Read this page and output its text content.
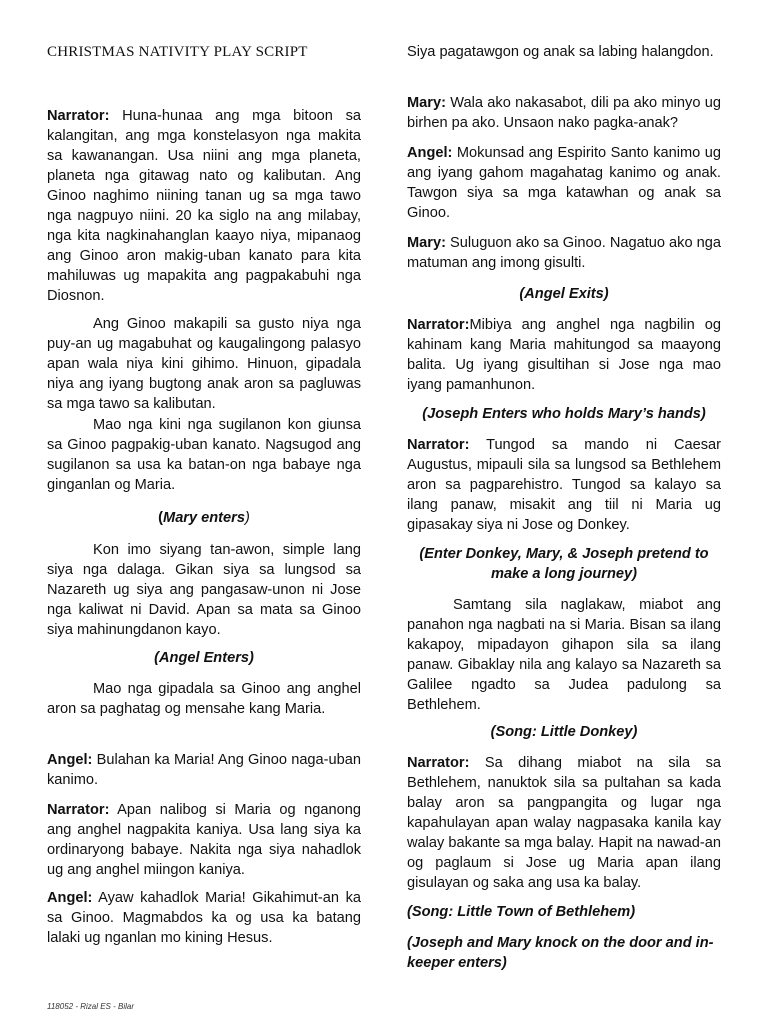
CHRISTMAS NATIVITY PLAY SCRIPT

Narrator: Huna-hunaa ang mga bitoon sa kalangitan, ang mga konstelasyon nga makita sa kawanangan. Usa niini ang mga planeta, planeta nga gitawag nato og kalibutan. Ang Ginoo naghimo niining tanan ug sa mga tawo nga nagpuyo niini. 20 ka siglo na ang milabay, nga kita nagkinahanglan kaayo niya, mipanaog ang Ginoo aron makig-uban kanato para kita mahiluwas ug mapakita ang pagpakabuhi nga Diosnon.

Ang Ginoo makapili sa gusto niya nga puy-an ug magabuhat og kaugalingong palasyo apan wala niya kini gihimo. Hinuon, gipadala niya ang iyang bugtong anak aron sa pagluwas sa mga tawo sa kalibutan.

Mao nga kini nga sugilanon kon giunsa sa Ginoo pagpakig-uban kanato. Nagsugod ang sugilanon sa usa ka batan-on nga babaye nga ginganlan og Maria.

(Mary enters)

Kon imo siyang tan-awon, simple lang siya nga dalaga. Gikan siya sa lungsod sa Nazareth ug siya ang pangasaw-unon ni Jose nga kaliwat ni David. Apan sa mata sa Ginoo siya mahinungdanon kayo.

(Angel Enters)

Mao nga gipadala sa Ginoo ang anghel aron sa paghatag og mensahe kang Maria.

Angel: Bulahan ka Maria! Ang Ginoo naga-uban kanimo.

Narrator: Apan nalibog si Maria og nganong ang anghel nagpakita kaniya. Usa lang siya ka ordinaryong babaye. Nakita nga siya nahadlok ug ang anghel miingon kaniya.

Angel: Ayaw kahadlok Maria! Gikahimut-an ka sa Ginoo. Magmabdos ka og usa ka batang lalaki ug nganlan mo kining Hesus.

Siya pagatawgon og anak sa labing halangdon.

Mary: Wala ako nakasabot, dili pa ako minyo ug birhen pa ako. Unsaon nako pagka-anak?

Angel: Mokunsad ang Espirito Santo kanimo ug ang iyang gahom magahatag kanimo og anak. Tawgon siya sa mga katawhan og anak sa Ginoo.

Mary: Suluguon ako sa Ginoo. Nagatuo ako nga matuman ang imong gisulti.

(Angel Exits)

Narrator:Mibiya ang anghel nga nagbilin og kahinam kang Maria mahitungod sa maayong balita. Ug iyang gisultihan si Jose nga mao iyang pamanhunon.

(Joseph Enters who holds Mary’s hands)

Narrator: Tungod sa mando ni Caesar Augustus, mipauli sila sa lungsod sa Bethlehem aron sa pagparehistro. Tungod sa kalayo sa ilang panaw, misakit ang tiil ni Maria ug gipasakay siya ni Jose og Donkey.

(Enter Donkey, Mary, & Joseph pretend to make a long journey)

Samtang sila naglakaw, miabot ang panahon nga nagbati na si Maria. Bisan sa ilang kakapoy, mipadayon gihapon sila sa ilang panaw. Gibaklay nila ang kalayo sa Nazareth sa Galilee ngadto sa Judea padulong sa Bethlehem.

(Song: Little Donkey)

Narrator: Sa dihang miabot na sila sa Bethlehem, nanuktok sila sa pultahan sa kada balay aron sa pangpangita og lugar nga kapahulayan apan walay nagpasaka kanila kay walay bakante sa mga balay. Hapit na nawad-an og paglaum si Jose ug Maria apan ilang gisulayan og saka ang usa ka balay.

(Song: Little Town of Bethlehem)

(Joseph and Mary knock on the door and in-keeper enters)

118052 - Rizal ES - Bilar
